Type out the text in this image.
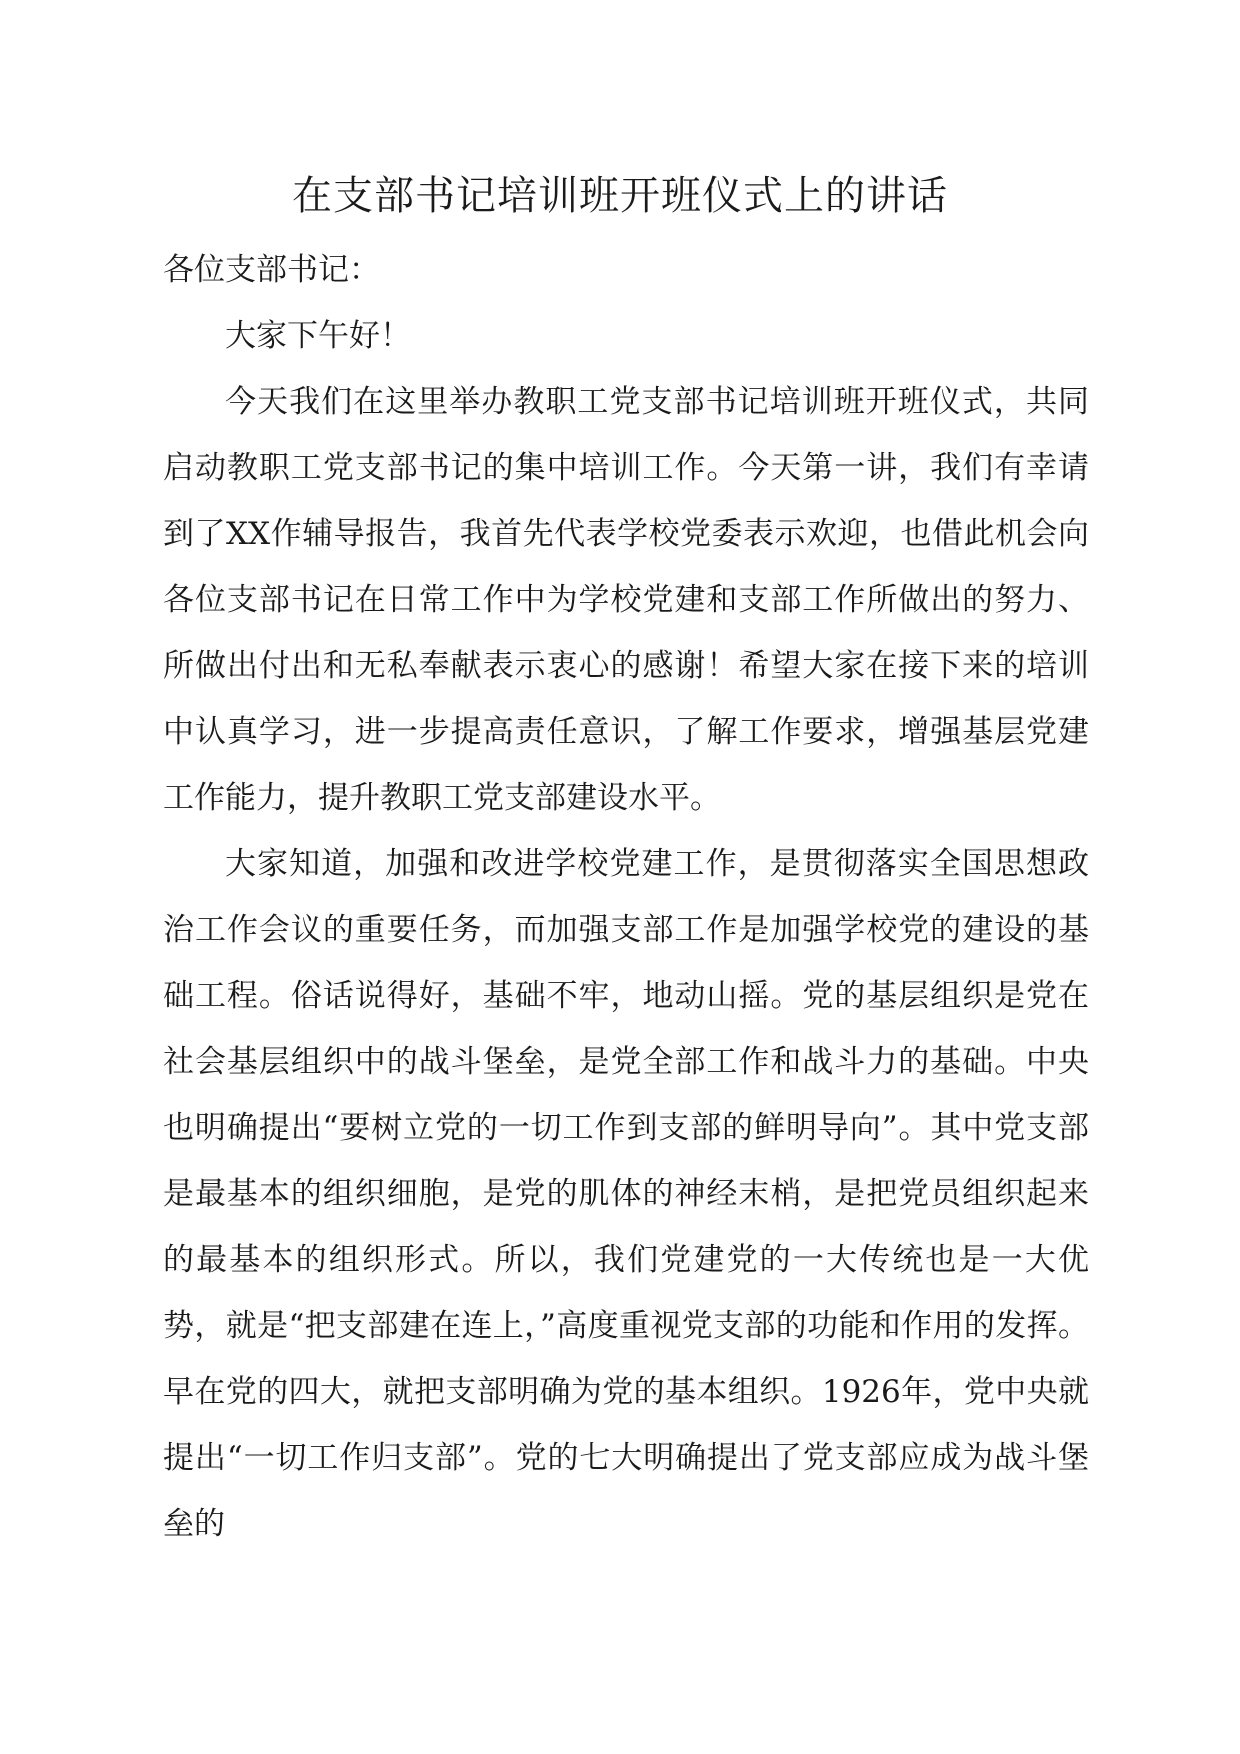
在支部书记培训班开班仪式上的讲话

各位支部书记：

大家下午好！

今天我们在这里举办教职工党支部书记培训班开班仪式，共同启动教职工党支部书记的集中培训工作。今天第一讲，我们有幸请到了XX作辅导报告，我首先代表学校党委表示欢迎，也借此机会向各位支部书记在日常工作中为学校党建和支部工作所做出的努力、所做出付出和无私奉献表示衷心的感谢！希望大家在接下来的培训中认真学习，进一步提高责任意识，了解工作要求，增强基层党建工作能力，提升教职工党支部建设水平。

大家知道，加强和改进学校党建工作，是贯彻落实全国思想政治工作会议的重要任务，而加强支部工作是加强学校党的建设的基础工程。俗话说得好，基础不牢，地动山摇。党的基层组织是党在社会基层组织中的战斗堡垒，是党全部工作和战斗力的基础。中央也明确提出“要树立党的一切工作到支部的鲜明导向”。其中党支部是最基本的组织细胞，是党的肌体的神经末梢，是把党员组织起来的最基本的组织形式。所以，我们党建党的一大传统也是一大优势，就是“把支部建在连上，”高度重视党支部的功能和作用的发挥。早在党的四大，就把支部明确为党的基本组织。1926年，党中央就提出“一切工作归支部”。党的七大明确提出了党支部应成为战斗堡垒的
